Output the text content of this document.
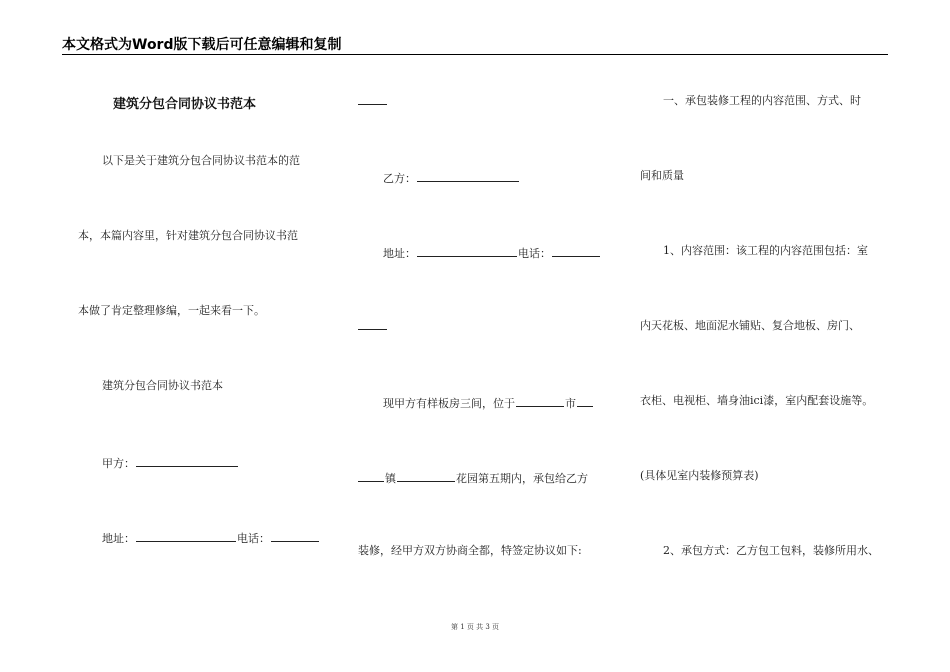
本文格式为Word版下载后可任意编辑和复制
建筑分包合同协议书范本
以下是关于建筑分包合同协议书范本的范
本，本篇内容里，针对建筑分包合同协议书范
本做了肯定整理修编，一起来看一下。
建筑分包合同协议书范本
甲方：
地址：	电话：
乙方：
地址：	电话：
现甲方有样板房三间，位于	市
镇	花园第五期内，承包给乙方
装修，经甲方双方协商全都，特签定协议如下:
一、承包装修工程的内容范围、方式、时
间和质量
1、内容范围：该工程的内容范围包括：室
内天花板、地面泥水铺贴、复合地板、房门、
衣柜、电视柜、墙身油ici漆，室内配套设施等。
(具体见室内装修预算表)
2、承包方式：乙方包工包料，装修所用水、
第 1 页 共 3 页
